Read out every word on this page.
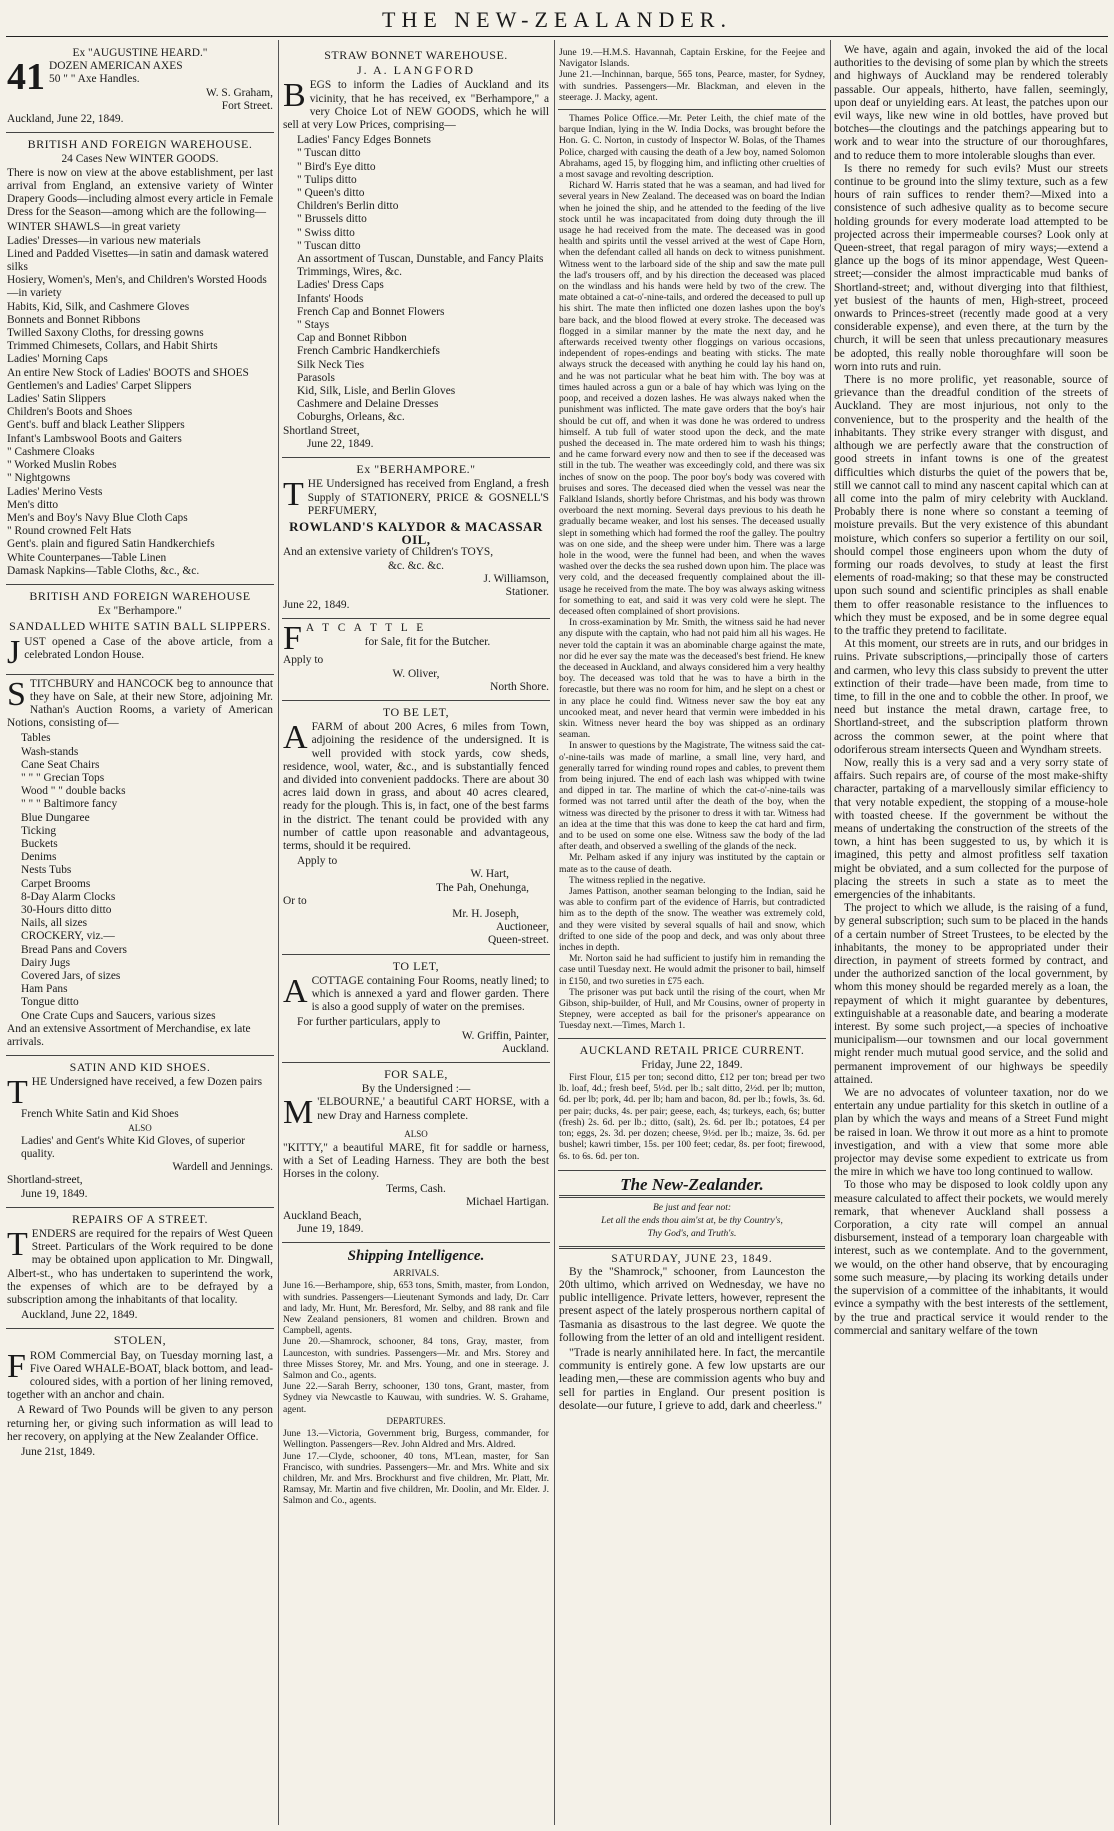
THE NEW-ZEALANDER.
Ex "AUGUSTINE HEARD."
41 DOZEN AMERICAN AXES
50 " " Axe Handles.
W. S. Graham,
Fort Street.
Auckland, June 22, 1849.
BRITISH AND FOREIGN WAREHOUSE.
24 Cases New WINTER GOODS.

There is now on view at the above establishment, per last arrival from England, an extensive variety of Winter Drapery Goods—including almost every article in Female Dress for the Season—among which are the following—

WINTER SHAWLS—in great variety
Ladies' Dresses—in various new materials
Lined and Padded Visettes—in satin and damask watered silks
Hosiery, Women's, Men's, and Children's Worsted Hoods—in variety
Habits, Kid, Silk, and Cashmere Gloves
Bonnets and Bonnet Ribbons
Twilled Saxony Cloths, for dressing gowns
Trimmed Chimesets, Collars, and Habit Shirts
Ladies' Morning Caps
An entire New Stock of Ladies' BOOTS and SHOES
Gentlemen's and Ladies' Carpet Slippers
Ladies' Satin Slippers
Children's Boots and Shoes
Gent's. buff and black Leather Slippers
Infant's Lambswool Boots and Gaiters
" Cashmere Cloaks
" Worked Muslin Robes
" Nightgowns
Ladies' Merino Vests
Men's ditto
Men's and Boy's Navy Blue Cloth Caps
" Round crowned Felt Hats
Gent's. plain and figured Satin Handkerchiefs
White Counterpanes—Table Linen
Damask Napkins—Table Cloths, &c., &c.
BRITISH AND FOREIGN WAREHOUSE
Ex "Berhampore."
SANDALLED WHITE SATIN BALL SLIPPERS.

JUST opened a Case of the above article, from a celebrated London House.

STITCHBURY and HANCOCK beg to announce that they have on Sale, at their new Store, adjoining Mr. Nathan's Auction Rooms, a variety of American Notions, consisting of—

Tables
Wash-stands
Cane Seat Chairs
" " " Grecian Tops
Wood " " double backs
" " " Baltimore fancy
Blue Dungaree
Ticking
Buckets
Denims
Nests Tubs
Carpet Brooms
8-Day Alarm Clocks
30-Hours ditto ditto
Nails, all sizes
CROCKERY, viz.—
Bread Pans and Covers
Dairy Jugs
Covered Jars, of sizes
Ham Pans
Tongue ditto
One Crate Cups and Saucers, various sizes
And an extensive Assortment of Merchandise, ex late arrivals.
SATIN AND KID SHOES.

THE Undersigned have received, a few Dozen pairs

French White Satin and Kid Shoes
ALSO
Ladies' and Gent's White Kid Gloves, of superior quality.
Wardell and Jennings.
Shortland-street,
June 19, 1849.
REPAIRS OF A STREET.

TENDERS are required for the repairs of West Queen Street. Particulars of the Work required to be done may be obtained upon application to Mr. Dingwall, Albert-st., who has undertaken to superintend the work, the expenses of which are to be defrayed by a subscription among the inhabitants of that locality.

Auckland, June 22, 1849.
STOLEN,

FROM Commercial Bay, on Tuesday morning last, a Five Oared WHALE-BOAT, black bottom, and lead-coloured sides, with a portion of her lining removed, together with an anchor and chain.

A Reward of Two Pounds will be given to any person returning her, or giving such information as will lead to her recovery, on applying at the New Zealander Office.

June 21st, 1849.
STRAW BONNET WAREHOUSE.
J. A. LANGFORD

BEGS to inform the Ladies of Auckland and its vicinity, that he has received, ex "Berhampore," a very Choice Lot of NEW GOODS, which he will sell at very Low Prices, comprising—

Ladies' Fancy Edges Bonnets
" Tuscan ditto
" Bird's Eye ditto
" Tulips ditto
" Queen's ditto
Children's Berlin ditto
" Brussels ditto
" Swiss ditto
" Tuscan ditto
An assortment of Tuscan, Dunstable, and Fancy Plaits
Trimmings, Wires, &c.
Ladies' Dress Caps
Infants' Hoods
French Cap and Bonnet Flowers
" Stays
Cap and Bonnet Ribbon
French Cambric Handkerchiefs
Silk Neck Ties
Parasols
Kid, Silk, Lisle, and Berlin Gloves
Cashmere and Delaine Dresses
Coburghs, Orleans, &c.
Shortland Street,
June 22, 1849.
Ex "BERHAMPORE."

THE Undersigned has received from England, a fresh Supply of STATIONERY, PRICE & GOSNELL'S PERFUMERY,

ROWLAND'S KALYDOR & MACASSAR OIL,
And an extensive variety of Children's TOYS,
&c. &c. &c.
J. Williamson,
Stationer.
June 22, 1849.
F A T C A T T L E
for Sale, fit for the Butcher.
Apply to
W. Oliver,
North Shore.
TO BE LET,

AFARM of about 200 Acres, 6 miles from Town, adjoining the residence of the undersigned. It is well provided with stock yards, cow sheds, residence, wool, water, &c., and is substantially fenced and divided into convenient paddocks. There are about 30 acres laid down in grass, and about 40 acres cleared, ready for the plough. This is, in fact, one of the best farms in the district. The tenant could be provided with any number of cattle upon reasonable and advantageous, terms, should it be required.

Apply to
W. Hart,
The Pah, Onehunga,
Or to
Mr. H. Joseph,
Auctioneer,
Queen-street.
TO LET,

ACOTTAGE containing Four Rooms, neatly lined; to which is annexed a yard and flower garden. There is also a good supply of water on the premises.

For further particulars, apply to
W. Griffin, Painter,
Auckland.
FOR SALE,
By the Undersigned :—

M 'ELBOURNE,' a beautiful CART HORSE, with a new Dray and Harness complete.

ALSO

"KITTY," a beautiful MARE, fit for saddle or harness, with a Set of Leading Harness. They are both the best Horses in the colony.

Terms, Cash.
Michael Hartigan.
Auckland Beach,
June 19, 1849.
Shipping Intelligence.
ARRIVALS.
June 16.—Berhampore, ship, 653 tons, Smith, master, from London, with sundries. Passengers—Lieutenant Symonds and lady, Dr. Carr and lady, Mr. Hunt, Mr. Beresford, Mr. Selby, and 88 rank and file New Zealand pensioners, 81 women and children. Brown and Campbell, agents.
June 20.—Shamrock, schooner, 84 tons, Gray, master, from Launceston, with sundries. Passengers—Mr. and Mrs. Storey and three Misses Storey, Mr. and Mrs. Young, and one in steerage. J. Salmon and Co., agents.
June 22.—Sarah Berry, schooner, 130 tons, Grant, master, from Sydney via Newcastle to Kauwau, with sundries. W. S. Grahame, agent.
DEPARTURES.
June 13.—Victoria, Government brig, Burgess, commander, for Wellington. Passengers—Rev. John Aldred and Mrs. Aldred.
June 17.—Clyde, schooner, 40 tons, M'Lean, master, for San Francisco, with sundries. Passengers—Mr. and Mrs. White and six children, Mr. and Mrs. Brockhurst and five children, Mr. Platt, Mr. Ramsay, Mr. Martin and five children, Mr. Doolin, and Mr. Elder. J. Salmon and Co., agents.
June 19.—H.M.S. Havannah, Captain Erskine, for the Feejee and Navigator Islands.
June 21.—Inchinnan, barque, 565 tons, Pearce, master, for Sydney, with sundries. Passengers—Mr. Blackman, and eleven in the steerage. J. Macky, agent.
Thames Police Office.—Mr. Peter Leith, the chief mate of the barque Indian, lying in the W. India Docks, was brought before the Hon. G. C. Norton, in custody of Inspector W. Bolas, of the Thames Police, charged with causing the death of a Jew boy, named Solomon Abrahams, aged 15, by flogging him, and inflicting other cruelties of a most savage and revolting description.
Richard W. Harris stated that he was a seaman, and had lived for several years in New Zealand. The deceased was on board the Indian when he joined the ship, and he attended to the feeding of the live stock until he was incapacitated from doing duty through the ill usage he had received from the mate. The deceased was in good health and spirits until the vessel arrived at the west of Cape Horn, when the defendant called all hands on deck to witness punishment. Witness went to the larboard side of the ship and saw the mate pull the lad's trousers off, and by his direction the deceased was placed on the windlass and his hands were held by two of the crew. The mate obtained a cat-o'-nine-tails, and ordered the deceased to pull up his shirt. The mate then inflicted one dozen lashes upon the boy's bare back, and the blood flowed at every stroke. The deceased was flogged in a similar manner by the mate the next day, and he afterwards received twenty other floggings on various occasions, independent of ropes-endings and beating with sticks. The mate always struck the deceased with anything he could lay his hand on, and he was not particular what he beat him with. The boy was at times hauled across a gun or a bale of hay which was lying on the poop, and received a dozen lashes. He was always naked when the punishment was inflicted. The mate gave orders that the boy's hair should be cut off, and when it was done he was ordered to undress himself. A tub full of water stood upon the deck, and the mate pushed the deceased in. The mate ordered him to wash his things; and he came forward every now and then to see if the deceased was still in the tub. The weather was exceedingly cold, and there was six inches of snow on the poop. The poor boy's body was covered with bruises and sores. The deceased died when the vessel was near the Falkland Islands, shortly before Christmas, and his body was thrown overboard the next morning. Several days previous to his death he gradually became weaker, and lost his senses. The deceased usually slept in something which had formed the roof the galley. The poultry was on one side, and the sheep were under him. There was a large hole in the wood, were the funnel had been, and when the waves washed over the decks the sea rushed down upon him. The place was very cold, and the deceased frequently complained about the ill-usage he received from the mate. The boy was always asking witness for something to eat, and said it was very cold were he slept. The deceased often complained of short provisions.
In cross-examination by Mr. Smith, the witness said he had never any dispute with the captain, who had not paid him all his wages. He never told the captain it was an abominable charge against the mate, nor did he ever say the mate was the deceased's best friend. He knew the deceased in Auckland, and always considered him a very healthy boy. The deceased was told that he was to have a birth in the forecastle, but there was no room for him, and he slept on a chest or in any place he could find. Witness never saw the boy eat any uncooked meat, and never heard that vermin were imbedded in his skin. Witness never heard the boy was shipped as an ordinary seaman.
In answer to questions by the Magistrate, The witness said the cat-o'-nine-tails was made of marline, a small line, very hard, and generally tarred for winding round ropes and cables, to prevent them from being injured. The end of each lash was whipped with twine and dipped in tar. The marline of which the cat-o'-nine-tails was formed was not tarred until after the death of the boy, when the witness was directed by the prisoner to dress it with tar. Witness had an idea at the time that this was done to keep the cat hard and firm, and to be used on some one else. Witness saw the body of the lad after death, and observed a swelling of the glands of the neck.
Mr. Pelham asked if any injury was instituted by the captain or mate as to the cause of death.
The witness replied in the negative.
James Pattison, another seaman belonging to the Indian, said he was able to confirm part of the evidence of Harris, but contradicted him as to the depth of the snow. The weather was extremely cold, and they were visited by several squalls of hail and snow, which drifted to one side of the poop and deck, and was only about three inches in depth.
Mr. Norton said he had sufficient to justify him in remanding the case until Tuesday next. He would admit the prisoner to bail, himself in £150, and two sureties in £75 each.
The prisoner was put back until the rising of the court, when Mr Gibson, ship-builder, of Hull, and Mr Cousins, owner of property in Stepney, were accepted as bail for the prisoner's appearance on Tuesday next.—Times, March 1.
AUCKLAND RETAIL PRICE CURRENT.
Friday, June 22, 1849.

First Flour, £15 per ton; second ditto, £12 per ton; bread per two lb. loaf, 4d.; fresh beef, 5½d. per lb.; salt ditto, 2½d. per lb; mutton, 6d. per lb; pork, 4d. per lb; ham and bacon, 8d. per lb.; fowls, 3s. 6d. per pair; ducks, 4s. per pair; geese, each, 4s; turkeys, each, 6s; butter (fresh) 2s. 6d. per lb.; ditto, (salt), 2s. 6d. per lb.; potatoes, £4 per ton; eggs, 2s. 3d. per dozen; cheese, 9½d. per lb.; maize, 3s. 6d. per bushel; kawri timber, 15s. per 100 feet; cedar, 8s. per foot; firewood, 6s. to 6s. 6d. per ton.

The New-Zealander.
Be just and fear not:
Let all the ends thou aim'st at, be thy Country's,
Thy God's, and Truth's.
SATURDAY, JUNE 23, 1849.

By the "Shamrock," schooner, from Launceston the 20th ultimo, which arrived on Wednesday, we have no public intelligence. Private letters, however, represent the present aspect of the lately prosperous northern capital of Tasmania as disastrous to the last degree. We quote the following from the letter of an old and intelligent resident.

"Trade is nearly annihilated here. In fact, the mercantile community is entirely gone. A few low upstarts are our leading men,—these are commission agents who buy and sell for parties in England. Our present position is desolate—our future, I grieve to add, dark and cheerless."

We have, again and again, invoked the aid of the local authorities to the devising of some plan by which the streets and highways of Auckland may be rendered tolerably passable. Our appeals, hitherto, have fallen, seemingly, upon deaf or unyielding ears. At least, the patches upon our evil ways, like new wine in old bottles, have proved but botches—the cloutings and the patchings appearing but to work and to wear into the structure of our thoroughfares, and to reduce them to more intolerable sloughs than ever.
Is there no remedy for such evils? Must our streets continue to be ground into the slimy texture, such as a few hours of rain suffices to render them?—Mixed into a consistence of such adhesive quality as to become secure holding grounds for every moderate load attempted to be projected across their impermeable courses? Look only at Queen-street, that regal paragon of miry ways;—extend a glance up the bogs of its minor appendage, West Queen-street;—consider the almost impracticable mud banks of Shortland-street; and, without diverging into that filthiest, yet busiest of the haunts of men, High-street, proceed onwards to Princes-street (recently made good at a very considerable expense), and even there, at the turn by the church, it will be seen that unless precautionary measures be adopted, this really noble thoroughfare will soon be worn into ruts and ruin.
There is no more prolific, yet reasonable, source of grievance than the dreadful condition of the streets of Auckland. They are most injurious, not only to the convenience, but to the prosperity and the health of the inhabitants. They strike every stranger with disgust, and although we are perfectly aware that the construction of good streets in infant towns is one of the greatest difficulties which disturbs the quiet of the powers that be, still we cannot call to mind any nascent capital which can at all come into the palm of miry celebrity with Auckland. Probably there is none where so constant a teeming of moisture prevails. But the very existence of this abundant moisture, which confers so superior a fertility on our soil, should compel those engineers upon whom the duty of forming our roads devolves, to study at least the first elements of road-making; so that these may be constructed upon such sound and scientific principles as shall enable them to offer reasonable resistance to the influences to which they must be exposed, and be in some degree equal to the traffic they pretend to facilitate.
At this moment, our streets are in ruts, and our bridges in ruins. Private subscriptions,—principally those of carters and carmen, who levy this class subsidy to prevent the utter extinction of their trade—have been made, from time to time, to fill in the one and to cobble the other. In proof, we need but instance the metal drawn, cartage free, to Shortland-street, and the subscription platform thrown across the common sewer, at the point where that odoriferous stream intersects Queen and Wyndham streets.
Now, really this is a very sad and a very sorry state of affairs. Such repairs are, of course of the most make-shifty character, partaking of a marvellously similar efficiency to that very notable expedient, the stopping of a mouse-hole with toasted cheese. If the government be without the means of undertaking the construction of the streets of the town, a hint has been suggested to us, by which it is imagined, this petty and almost profitless self taxation might be obviated, and a sum collected for the purpose of placing the streets in such a state as to meet the emergencies of the inhabitants.
The project to which we allude, is the raising of a fund, by general subscription; such sum to be placed in the hands of a certain number of Street Trustees, to be elected by the inhabitants, the money to be appropriated under their direction, in payment of streets formed by contract, and under the authorized sanction of the local government, by whom this money should be regarded merely as a loan, the repayment of which it might guarantee by debentures, extinguishable at a reasonable date, and bearing a moderate interest. By some such project,—a species of inchoative municipalism—our townsmen and our local government might render much mutual good service, and the solid and permanent improvement of our highways be speedily attained.
We are no advocates of volunteer taxation, nor do we entertain any undue partiality for this sketch in outline of a plan by which the ways and means of a Street Fund might be raised in loan. We throw it out more as a hint to promote investigation, and with a view that some more able projector may devise some expedient to extricate us from the mire in which we have too long continued to wallow.
To those who may be disposed to look coldly upon any measure calculated to affect their pockets, we would merely remark, that whenever Auckland shall possess a Corporation, a city rate will compel an annual disbursement, instead of a temporary loan chargeable with interest, such as we contemplate. And to the government, we would, on the other hand observe, that by encouraging some such measure,—by placing its working details under the supervision of a committee of the inhabitants, it would evince a sympathy with the best interests of the settlement, by the true and practical service it would render to the commercial and sanitary welfare of the town
